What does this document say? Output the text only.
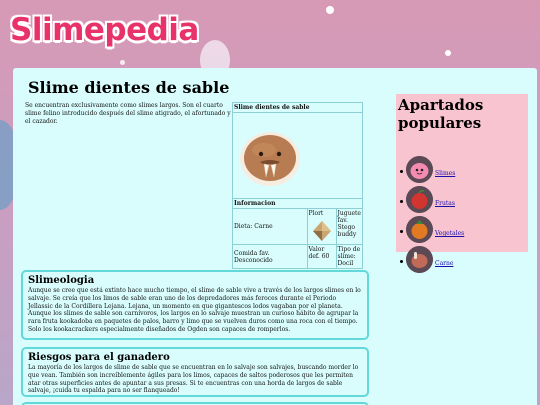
Slimepedia
Slime dientes de sable

Se encuentran exclusivamente como slimes largos. Son el cuarto slime felino introducido después del slime atigrado, el afortunado y el cazador.

Slime dientes de sable		

Informacion		
Dieta: Carne	Plort	Juguete fav. Stego buddy
Comida fav. Desconocido	Valor def. 60	Tipo de slime: Docil
Apartados populares
Slimes
Frutas
Vegetales
Carne
Slimeologia

Aunque se cree que está extinto hace mucho tiempo, el slime de sable vive a través de los largos slimes en lo salvaje. Se creía que los limos de sable eran uno de los depredadores más feroces durante el Periodo Jellassic de la Cordillera Lejana. Lejana, un momento en que gigantescos lodos vagaban por el planeta. Aunque los slimes de sable son carnívoros, los largos en lo salvaje muestran un curioso hábito de agrupar la rara fruta kookadoba en paquetes de palos, barro y limo que se vuelven duros como una roca con el tiempo. Solo los kookacrackers especialmente diseñados de Ogden son capaces de romperlos.

Riesgos para el ganadero

La mayoría de los largos de slime de sable que se encuentran en lo salvaje son salvajes, buscando morder lo que vean. También son increíblemente ágiles para los limos, capaces de saltos poderosos que les permiten atar otras superficies antes de apuntar a sus presas. Si te encuentras con una horda de largos de sable salvaje, ¡cuida tu espalda para no ser flanqueado!
